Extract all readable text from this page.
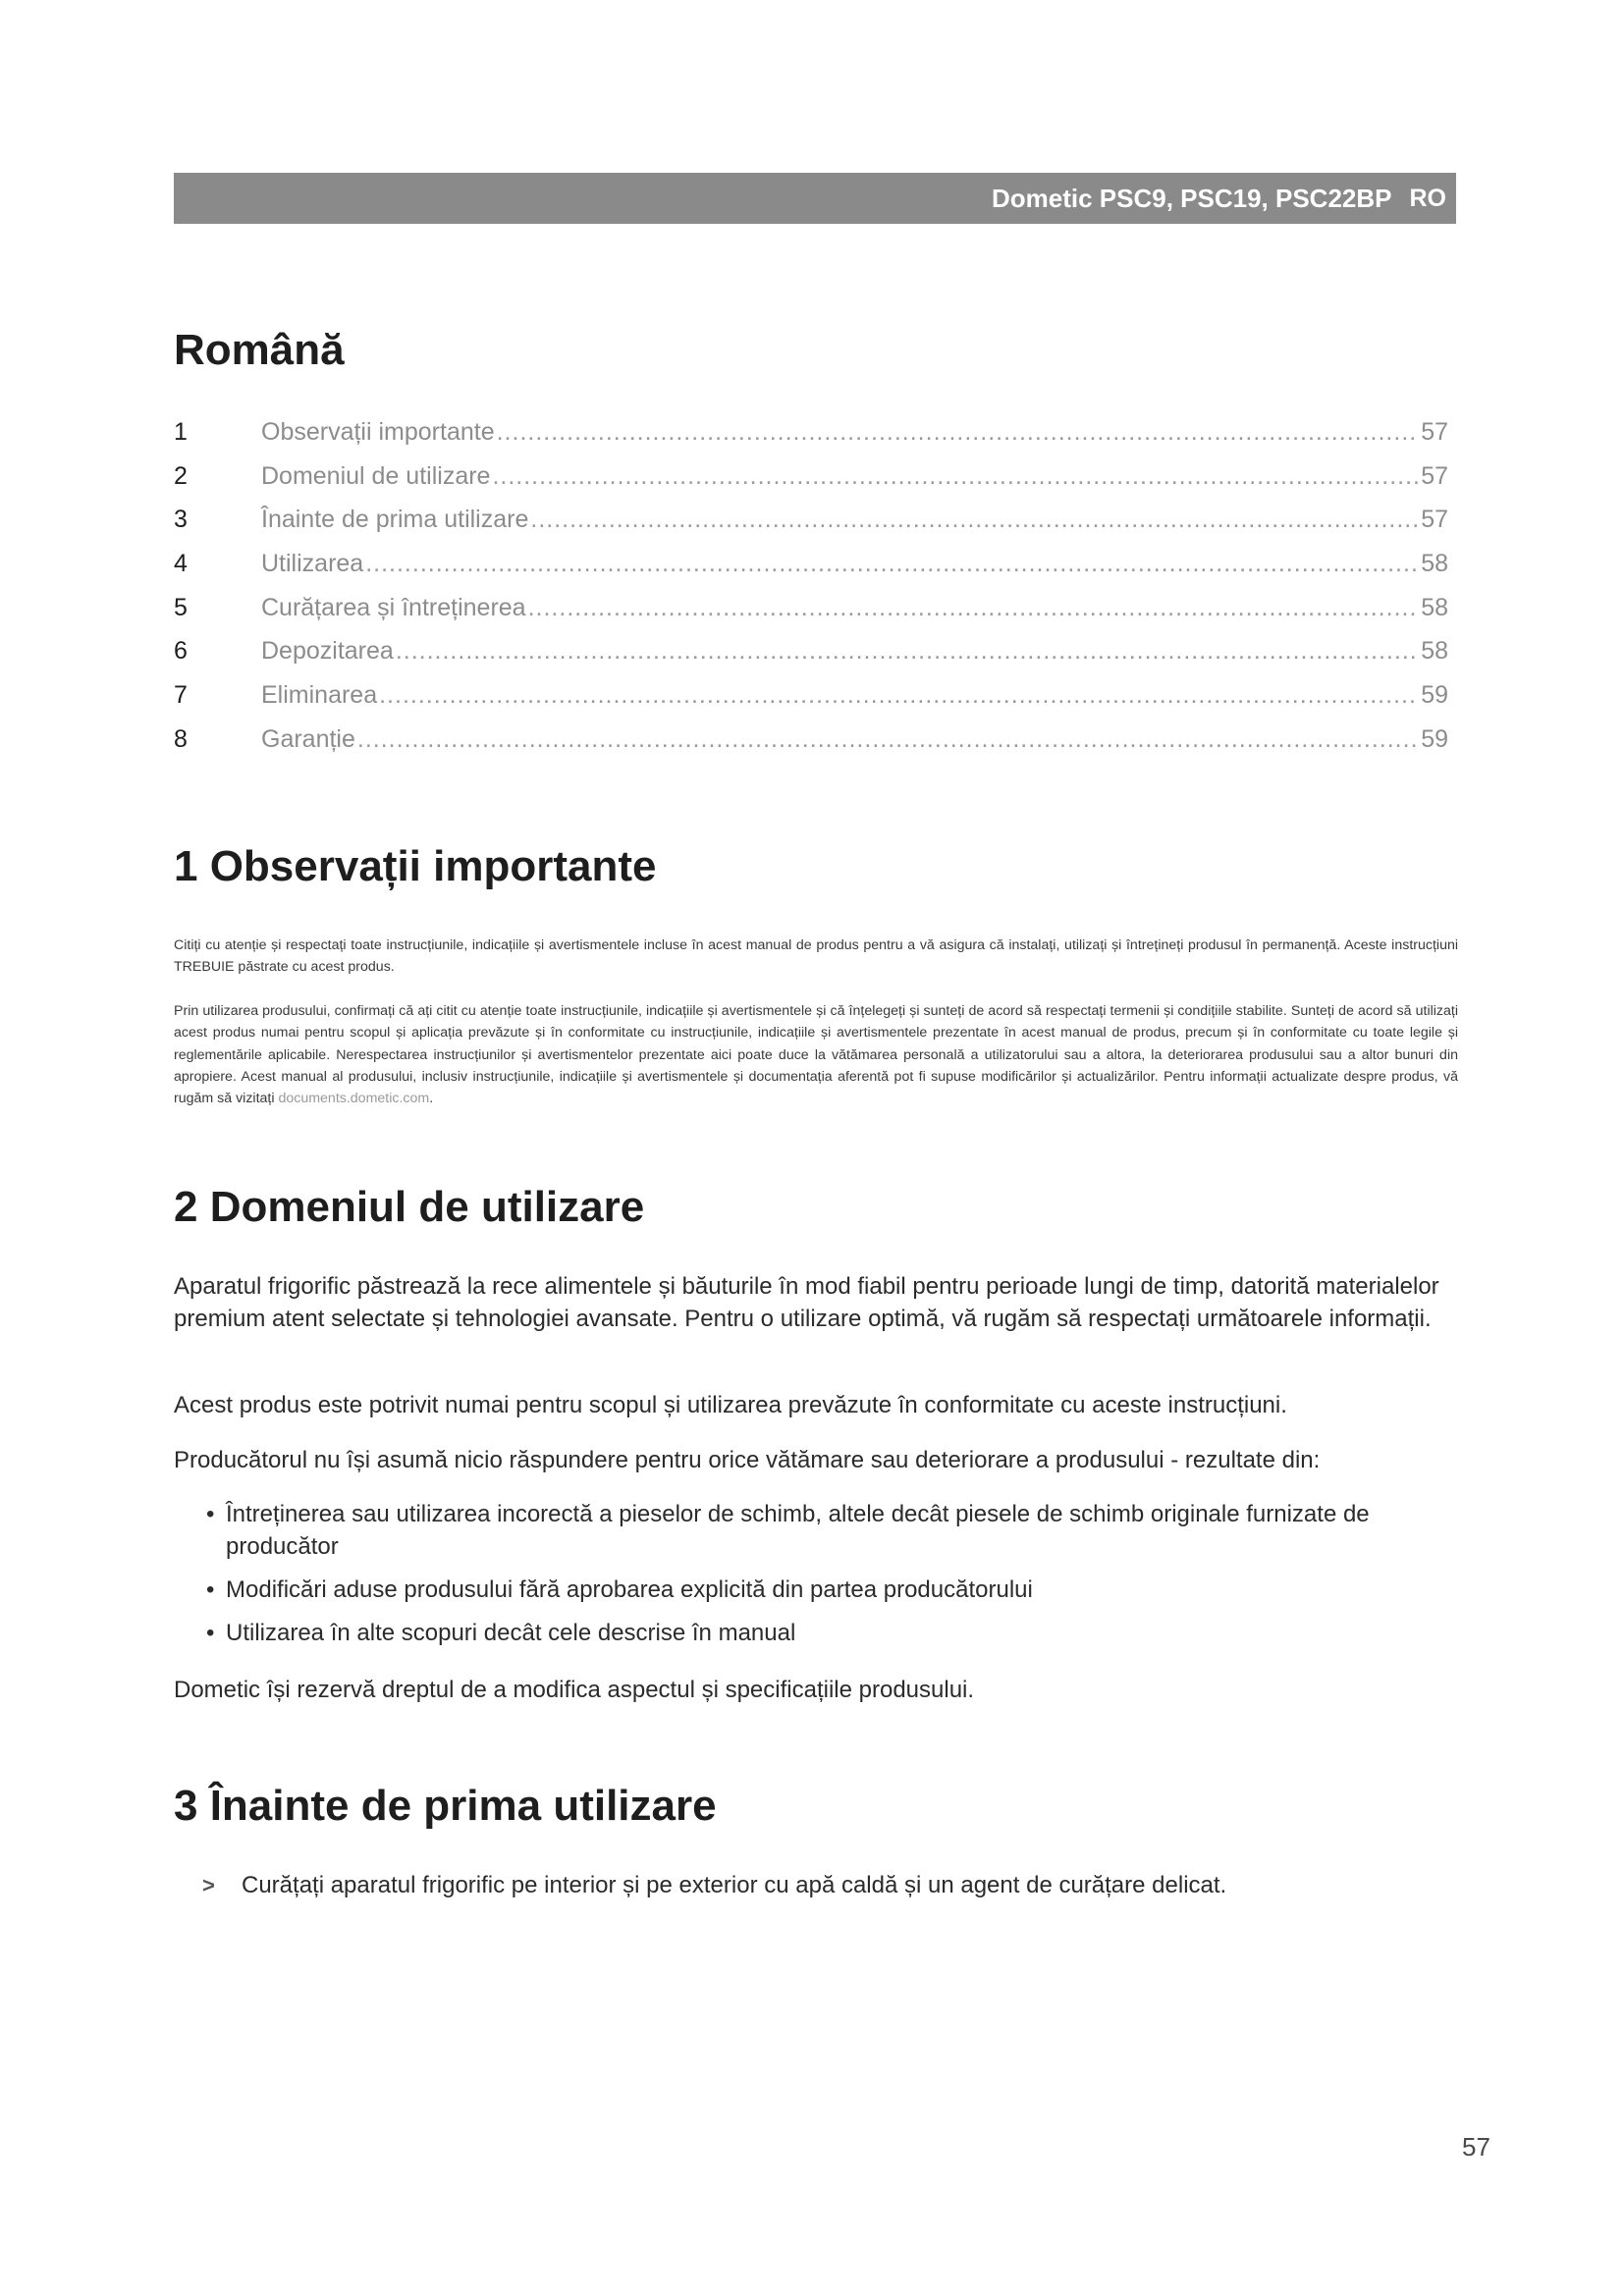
Dometic PSC9, PSC19, PSC22BP RO
Română
1	Observații importante .....	57
2	Domeniul de utilizare .....	57
3	Înainte de prima utilizare .....	57
4	Utilizarea .....	58
5	Curățarea și întreținerea .....	58
6	Depozitarea .....	58
7	Eliminarea .....	59
8	Garanție .....	59
1 Observații importante

Citiți cu atenție și respectați toate instrucțiunile, indicațiile și avertismentele incluse în acest manual de produs pentru a vă asigura că instalați, utilizați și întrețineți produsul în permanență. Aceste instrucțiuni TREBUIE păstrate cu acest produs.

Prin utilizarea produsului, confirmați că ați citit cu atenție toate instrucțiunile, indicațiile și avertismentele și că înțelegeți și sunteți de acord să respectați termenii și condițiile stabilite. Sunteți de acord să utilizați acest produs numai pentru scopul și aplicația prevăzute și în conformitate cu instrucțiunile, indicațiile și avertismentele prezentate în acest manual de produs, precum și în conformitate cu toate legile și reglementările aplicabile. Nerespectarea instrucțiunilor și avertismentelor prezentate aici poate duce la vătămarea personală a utilizatorului sau a altora, la deteriorarea produsului sau a altor bunuri din apropiere. Acest manual al produsului, inclusiv instrucțiunile, indicațiile și avertismentele și documentația aferentă pot fi supuse modificărilor și actualizărilor. Pentru informații actualizate despre produs, vă rugăm să vizitați documents.dometic.com.

2 Domeniul de utilizare

Aparatul frigorific păstrează la rece alimentele și băuturile în mod fiabil pentru perioade lungi de timp, datorită materialelor premium atent selectate și tehnologiei avansate. Pentru o utilizare optimă, vă rugăm să respectați următoarele informații.

Acest produs este potrivit numai pentru scopul și utilizarea prevăzute în conformitate cu aceste instrucțiuni.

Producătorul nu își asumă nicio răspundere pentru orice vătămare sau deteriorare a produsului - rezultate din:

• Întreținerea sau utilizarea incorectă a pieselor de schimb, altele decât piesele de schimb originale furnizate de producător
• Modificări aduse produsului fără aprobarea explicită din partea producătorului
• Utilizarea în alte scopuri decât cele descrise în manual

Dometic își rezervă dreptul de a modifica aspectul și specificațiile produsului.

3 Înainte de prima utilizare
>	Curățați aparatul frigorific pe interior și pe exterior cu apă caldă și un agent de curățare delicat.
57
